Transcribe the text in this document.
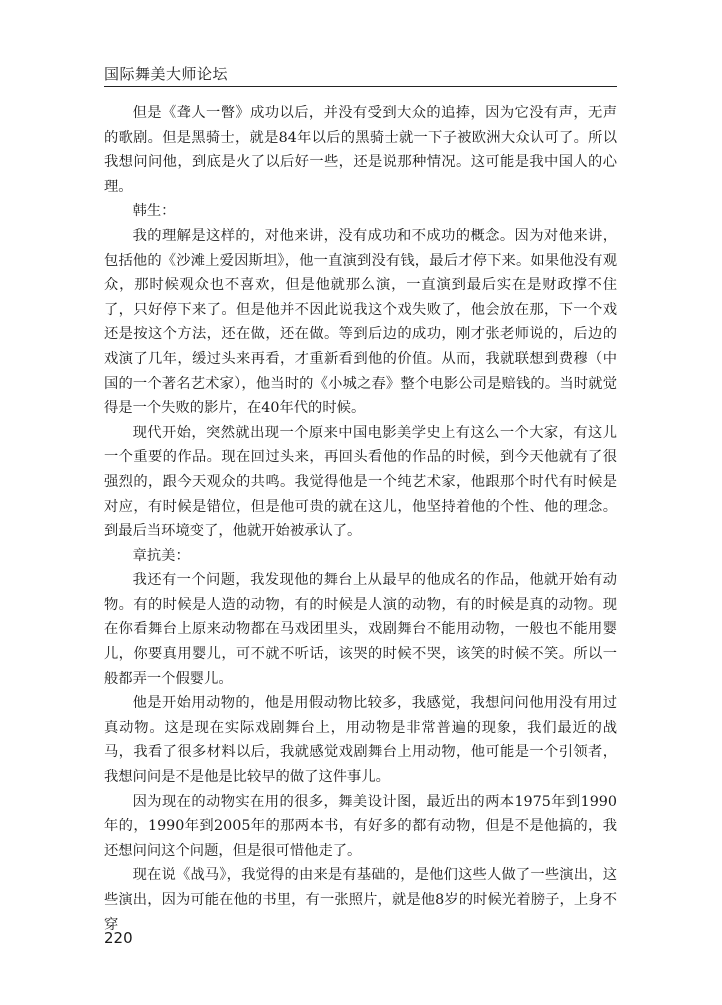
国际舞美大师论坛

但是《聋人一瞥》成功以后，并没有受到大众的追捧，因为它没有声，无声的歌剧。但是黑骑士，就是84年以后的黑骑士就一下子被欧洲大众认可了。所以我想问问他，到底是火了以后好一些，还是说那种情况。这可能是我中国人的心理。

韩生：

我的理解是这样的，对他来讲，没有成功和不成功的概念。因为对他来讲，包括他的《沙滩上爱因斯坦》，他一直演到没有钱，最后才停下来。如果他没有观众，那时候观众也不喜欢，但是他就那么演，一直演到最后实在是财政撑不住了，只好停下来了。但是他并不因此说我这个戏失败了，他会放在那，下一个戏还是按这个方法，还在做，还在做。等到后边的成功，刚才张老师说的，后边的戏演了几年，缓过头来再看，才重新看到他的价值。从而，我就联想到费穆（中国的一个著名艺术家），他当时的《小城之春》整个电影公司是赔钱的。当时就觉得是一个失败的影片，在40年代的时候。

现代开始，突然就出现一个原来中国电影美学史上有这么一个大家，有这儿一个重要的作品。现在回过头来，再回头看他的作品的时候，到今天他就有了很强烈的，跟今天观众的共鸣。我觉得他是一个纯艺术家，他跟那个时代有时候是对应，有时候是错位，但是他可贵的就在这儿，他坚持着他的个性、他的理念。到最后当环境变了，他就开始被承认了。

章抗美：

我还有一个问题，我发现他的舞台上从最早的他成名的作品，他就开始有动物。有的时候是人造的动物，有的时候是人演的动物，有的时候是真的动物。现在你看舞台上原来动物都在马戏团里头，戏剧舞台不能用动物，一般也不能用婴儿，你要真用婴儿，可不就不听话，该哭的时候不哭，该笑的时候不笑。所以一般都弄一个假婴儿。

他是开始用动物的，他是用假动物比较多，我感觉，我想问问他用没有用过真动物。这是现在实际戏剧舞台上，用动物是非常普遍的现象，我们最近的战马，我看了很多材料以后，我就感觉戏剧舞台上用动物，他可能是一个引领者，我想问问是不是他是比较早的做了这件事儿。

因为现在的动物实在用的很多，舞美设计图，最近出的两本1975年到1990年的，1990年到2005年的那两本书，有好多的都有动物，但是不是他搞的，我还想问问这个问题，但是很可惜他走了。

现在说《战马》，我觉得的由来是有基础的，是他们这些人做了一些演出，这些演出，因为可能在他的书里，有一张照片，就是他8岁的时候光着膀子，上身不穿

220
